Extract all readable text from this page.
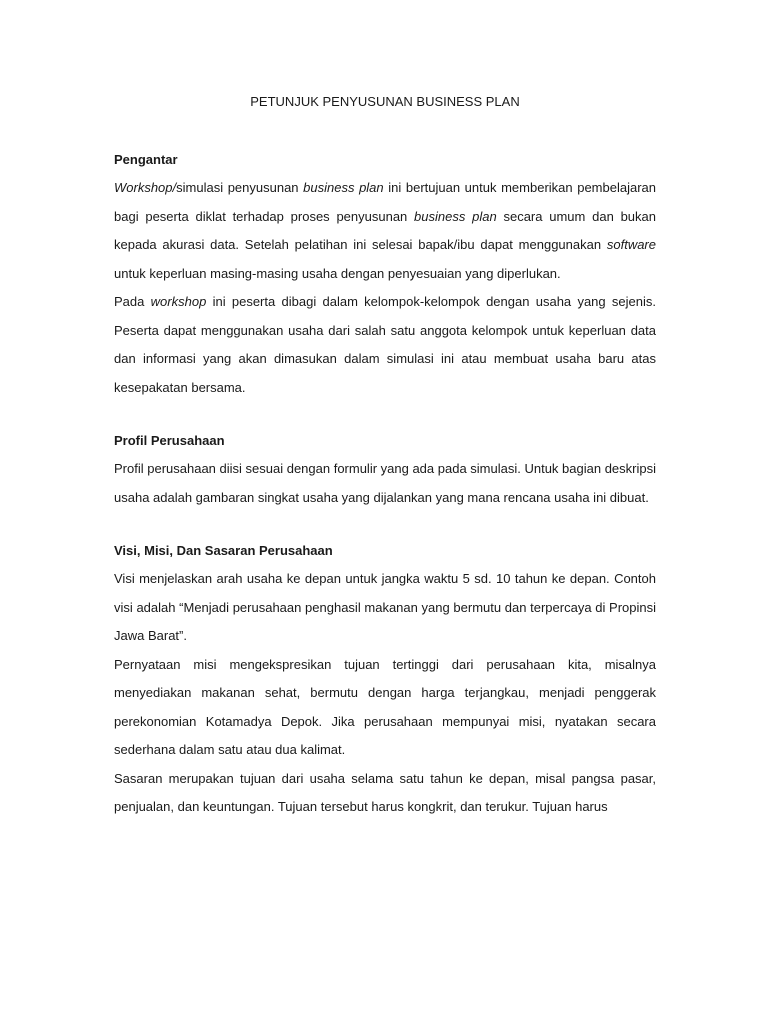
PETUNJUK PENYUSUNAN BUSINESS PLAN
Pengantar

Workshop/simulasi penyusunan business plan ini bertujuan untuk memberikan pembelajaran bagi peserta diklat terhadap proses penyusunan business plan secara umum dan bukan kepada akurasi data. Setelah pelatihan ini selesai bapak/ibu dapat menggunakan software untuk keperluan masing-masing usaha dengan penyesuaian yang diperlukan.

Pada workshop ini peserta dibagi dalam kelompok-kelompok dengan usaha yang sejenis. Peserta dapat menggunakan usaha dari salah satu anggota kelompok untuk keperluan data dan informasi yang akan dimasukan dalam simulasi ini atau membuat usaha baru atas kesepakatan bersama.

Profil Perusahaan

Profil perusahaan diisi sesuai dengan formulir yang ada pada simulasi. Untuk bagian deskripsi usaha adalah gambaran singkat usaha yang dijalankan yang mana rencana usaha ini dibuat.

Visi, Misi, Dan Sasaran Perusahaan

Visi menjelaskan arah usaha ke depan untuk jangka waktu 5 sd. 10 tahun ke depan. Contoh visi adalah “Menjadi perusahaan penghasil makanan yang bermutu dan terpercaya di Propinsi Jawa Barat”.

Pernyataan misi mengekspresikan tujuan tertinggi dari perusahaan kita, misalnya menyediakan makanan sehat, bermutu dengan harga terjangkau, menjadi penggerak perekonomian Kotamadya Depok. Jika perusahaan mempunyai misi, nyatakan secara sederhana dalam satu atau dua kalimat.

Sasaran merupakan tujuan dari usaha selama satu tahun ke depan, misal pangsa pasar, penjualan, dan keuntungan. Tujuan tersebut harus kongkrit, dan terukur. Tujuan harus
